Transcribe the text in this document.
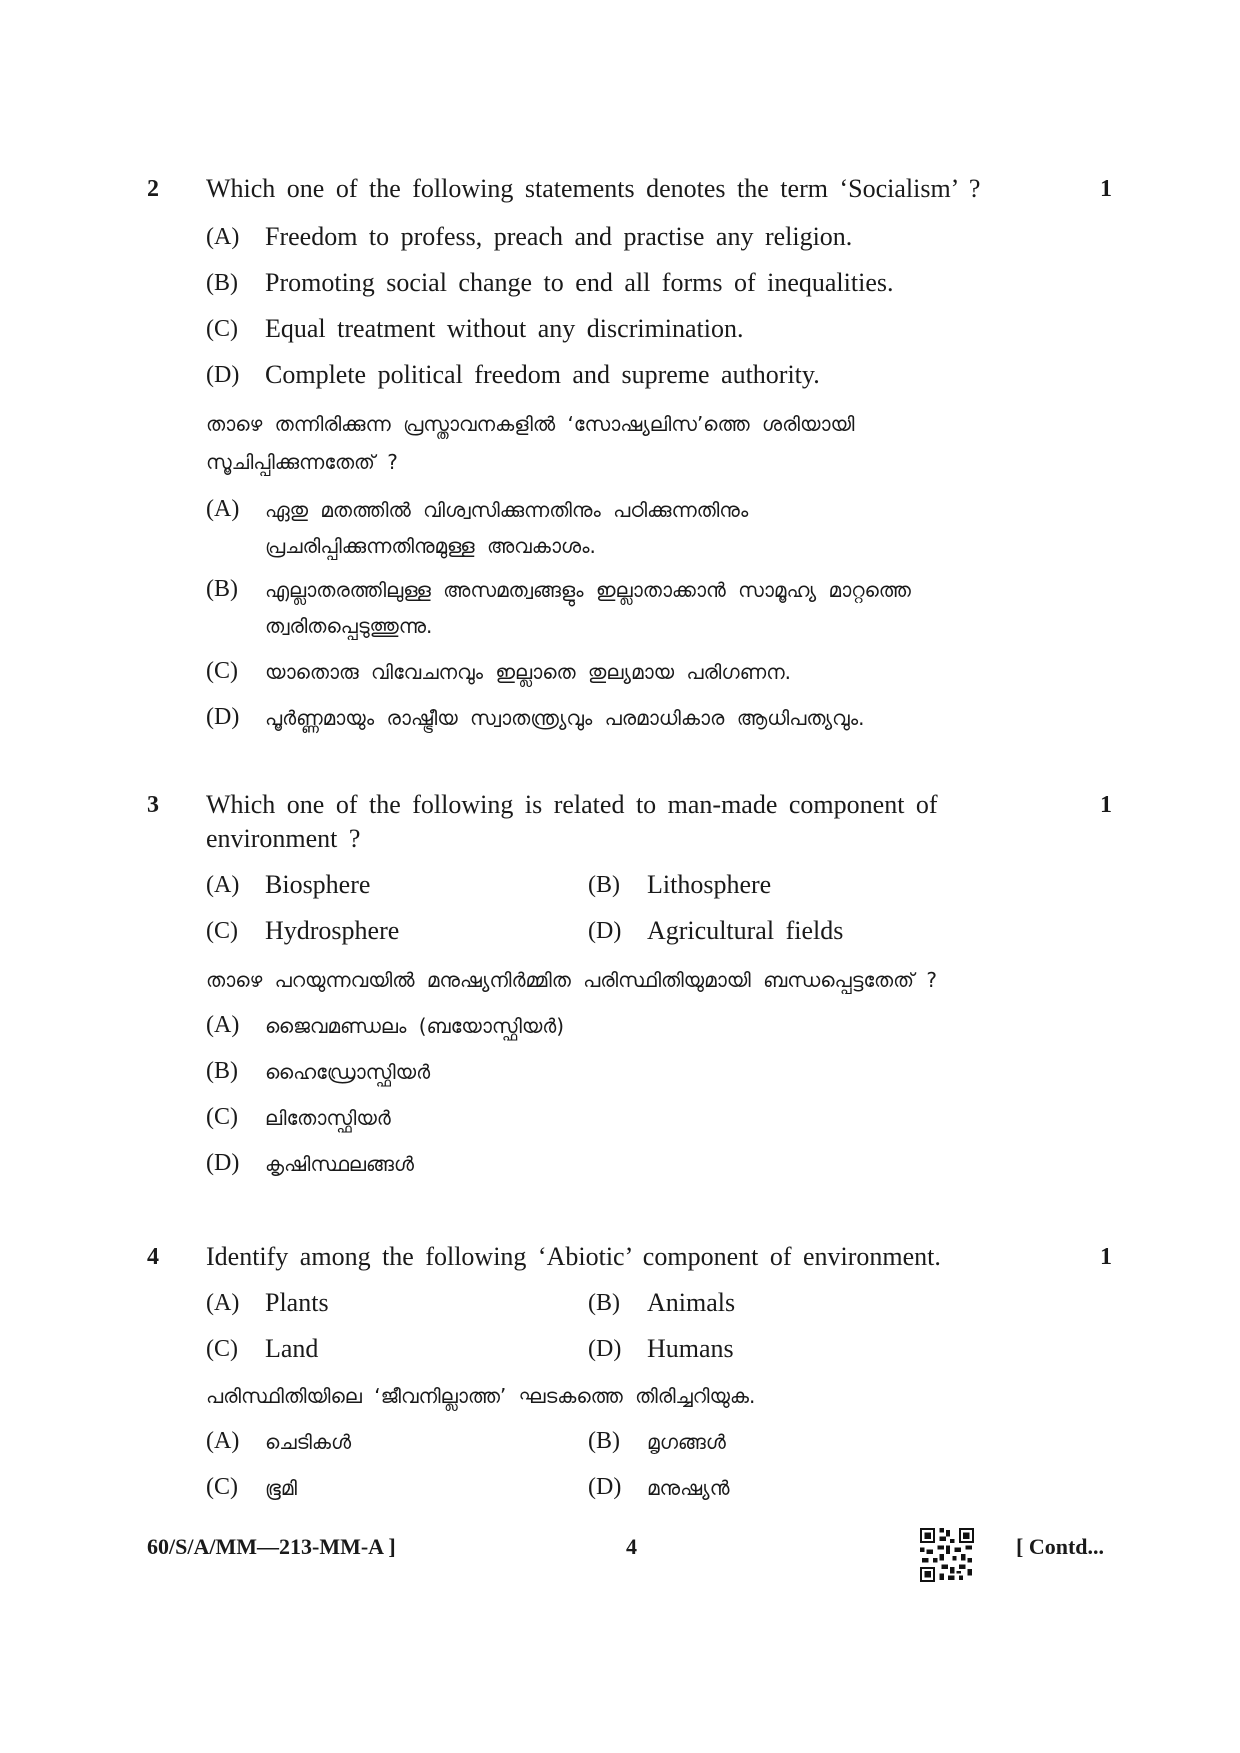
2 Which one of the following statements denotes the term ‘Socialism’ ?	1
(A) Freedom to profess, preach and practise any religion.
(B) Promoting social change to end all forms of inequalities.
(C) Equal treatment without any discrimination.
(D) Complete political freedom and supreme authority.
താഴെ തന്നിരിക്കുന്ന പ്രസ്താവനകളിൽ ‘സോഷ്യലിസ’ത്തെ ശരിയായി
സൂചിപ്പിക്കുന്നതേത് ?
(A) ഏതു മതത്തിൽ വിശ്വസിക്കുന്നതിനും പഠിക്കുന്നതിനും
പ്രചരിപ്പിക്കുന്നതിനുമുള്ള അവകാശം.
(B) എല്ലാതരത്തിലുള്ള അസമത്വങ്ങളും ഇല്ലാതാക്കാൻ സാമൂഹ്യ മാറ്റത്തെ
ത്വരിതപ്പെടുത്തുന്നു.
(C) യാതൊരു വിവേചനവും ഇല്ലാതെ തുല്യമായ പരിഗണന.
(D) പൂർണ്ണമായും രാഷ്ട്രീയ സ്വാതന്ത്ര്യവും പരമാധികാര ആധിപത്യവും.
3 Which one of the following is related to man-made component of
environment ?
1
(A) Biosphere	(B) Lithosphere
(C) Hydrosphere	(D) Agricultural fields
താഴെ പറയുന്നവയിൽ മനുഷ്യനിർമ്മിത പരിസ്ഥിതിയുമായി ബന്ധപ്പെട്ടതേത് ?
(A) ജൈവമണ്ഡലം (ബയോസ്ഫിയർ)
(B) ഹൈഡ്രോസ്ഫിയർ
(C) ലിതോസ്ഫിയർ
(D) കൃഷിസ്ഥലങ്ങൾ
4 Identify among the following ‘Abiotic’ component of environment.	1
(A) Plants	(B) Animals
(C) Land	(D) Humans
പരിസ്ഥിതിയിലെ ‘ജീവനില്ലാത്ത’ ഘടകത്തെ തിരിച്ചറിയുക.
(A) ചെടികൾ	(B) മൃഗങ്ങൾ
(C) ഭൂമി	(D) മനുഷ്യൻ
60/S/A/MM—213-MM-A ]	4	[ Contd...
